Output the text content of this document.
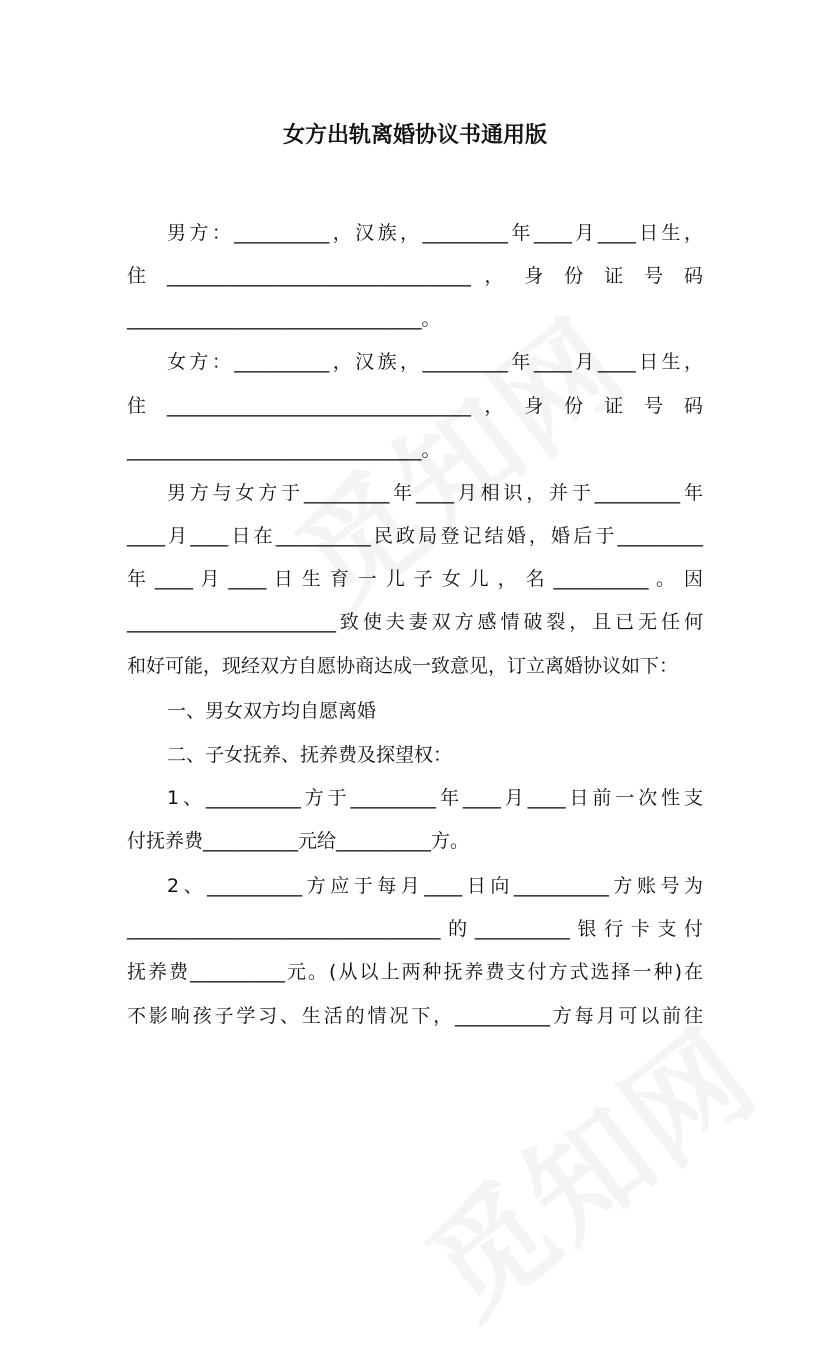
女方出轨离婚协议书通用版
男方：__________，汉族，_________年____月____日生，
住 ________________________________ ， 身 份 证 号 码
_______________________________。
女方：__________，汉族，_________年____月____日生，
住 ________________________________ ， 身 份 证 号 码
_______________________________。
男方与女方于_________年____月相识，并于_________年
____月____日在__________民政局登记结婚，婚后于_________
年 ____ 月 ____ 日 生 育 一 儿 子 女 儿 ， 名 __________ 。 因
______________________致使夫妻双方感情破裂，且已无任何
和好可能，现经双方自愿协商达成一致意见，订立离婚协议如下：
一、男女双方均自愿离婚
二、子女抚养、抚养费及探望权：
1、__________方于_________年____月____日前一次性支
付抚养费__________元给__________方。
2、__________方应于每月____日向__________方账号为
_________________________________的__________银行卡支付
抚养费__________元。(从以上两种抚养费支付方式选择一种)在
不影响孩子学习、生活的情况下，__________方每月可以前往
